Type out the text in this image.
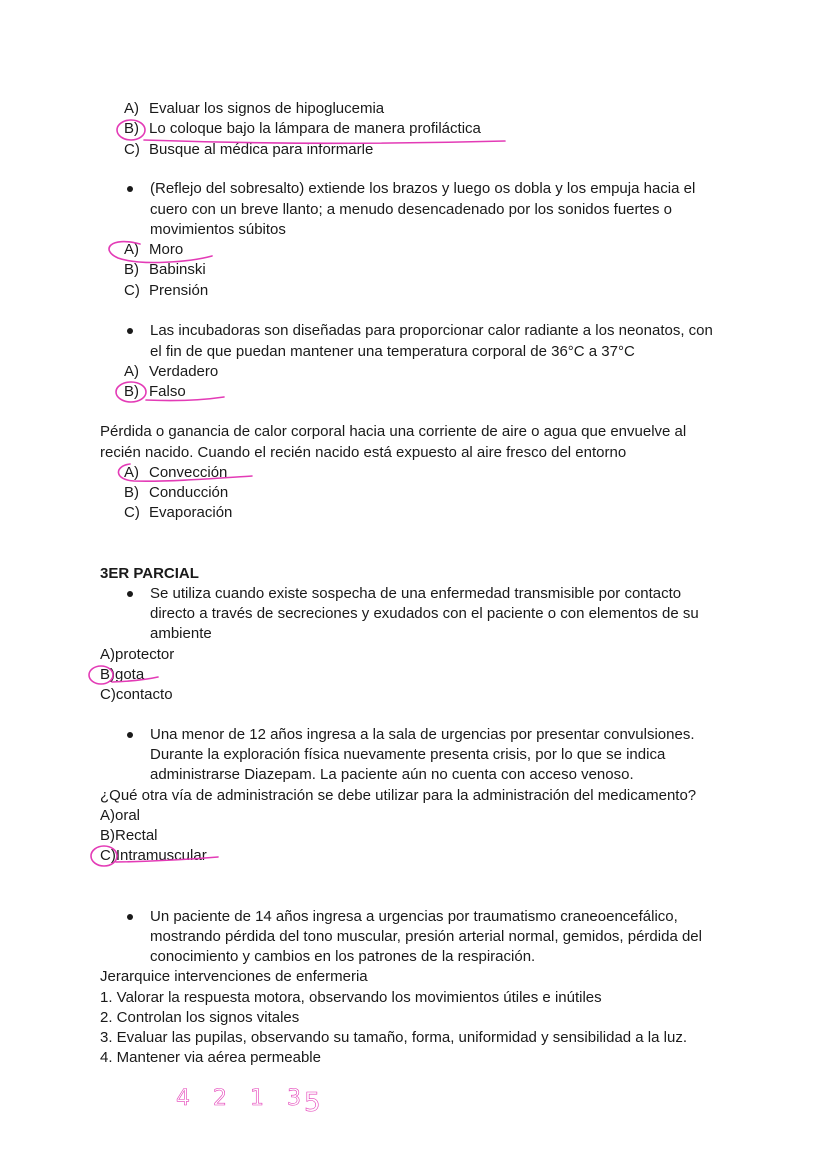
A) Evaluar los signos de hipoglucemia
B) Lo coloque bajo la lámpara de manera profiláctica
C) Busque al médica para informarle
(Reflejo del sobresalto) extiende los brazos y luego os dobla y los empuja hacia el
cuero con un breve llanto; a menudo desencadenado por los sonidos fuertes o
movimientos súbitos
A) Moro
B) Babinski
C) Prensión
Las incubadoras son diseñadas para proporcionar calor radiante a los neonatos, con
el fin de que puedan mantener una temperatura corporal de 36°C a 37°C
A) Verdadero
B) Falso
Pérdida o ganancia de calor corporal hacia una corriente de aire o agua que envuelve al
recién nacido. Cuando el recién nacido está expuesto al aire fresco del entorno
A) Convección
B) Conducción
C) Evaporación
3ER PARCIAL
Se utiliza cuando existe sospecha de una enfermedad transmisible por contacto
directo a través de secreciones y exudados con el paciente o con elementos de su
ambiente
A)protector
B)gota
C)contacto
Una menor de 12 años ingresa a la sala de urgencias por presentar convulsiones.
Durante la exploración física nuevamente presenta crisis, por lo que se indica
administrarse Diazepam. La paciente aún no cuenta con acceso venoso.
¿Qué otra vía de administración se debe utilizar para la administración del medicamento?
A)oral
B)Rectal
C)Intramuscular
Un paciente de 14 años ingresa a urgencias por traumatismo craneoencefálico,
mostrando pérdida del tono muscular, presión arterial normal, gemidos, pérdida del
conocimiento y cambios en los patrones de la respiración.
Jerarquice intervenciones de enfermeria
1. Valorar la respuesta motora, observando los movimientos útiles e inútiles
2. Controlan los signos vitales
3. Evaluar las pupilas, observando su tamaño, forma, uniformidad y sensibilidad a la luz.
4. Mantener via aérea permeable
4 2 1 3
5
